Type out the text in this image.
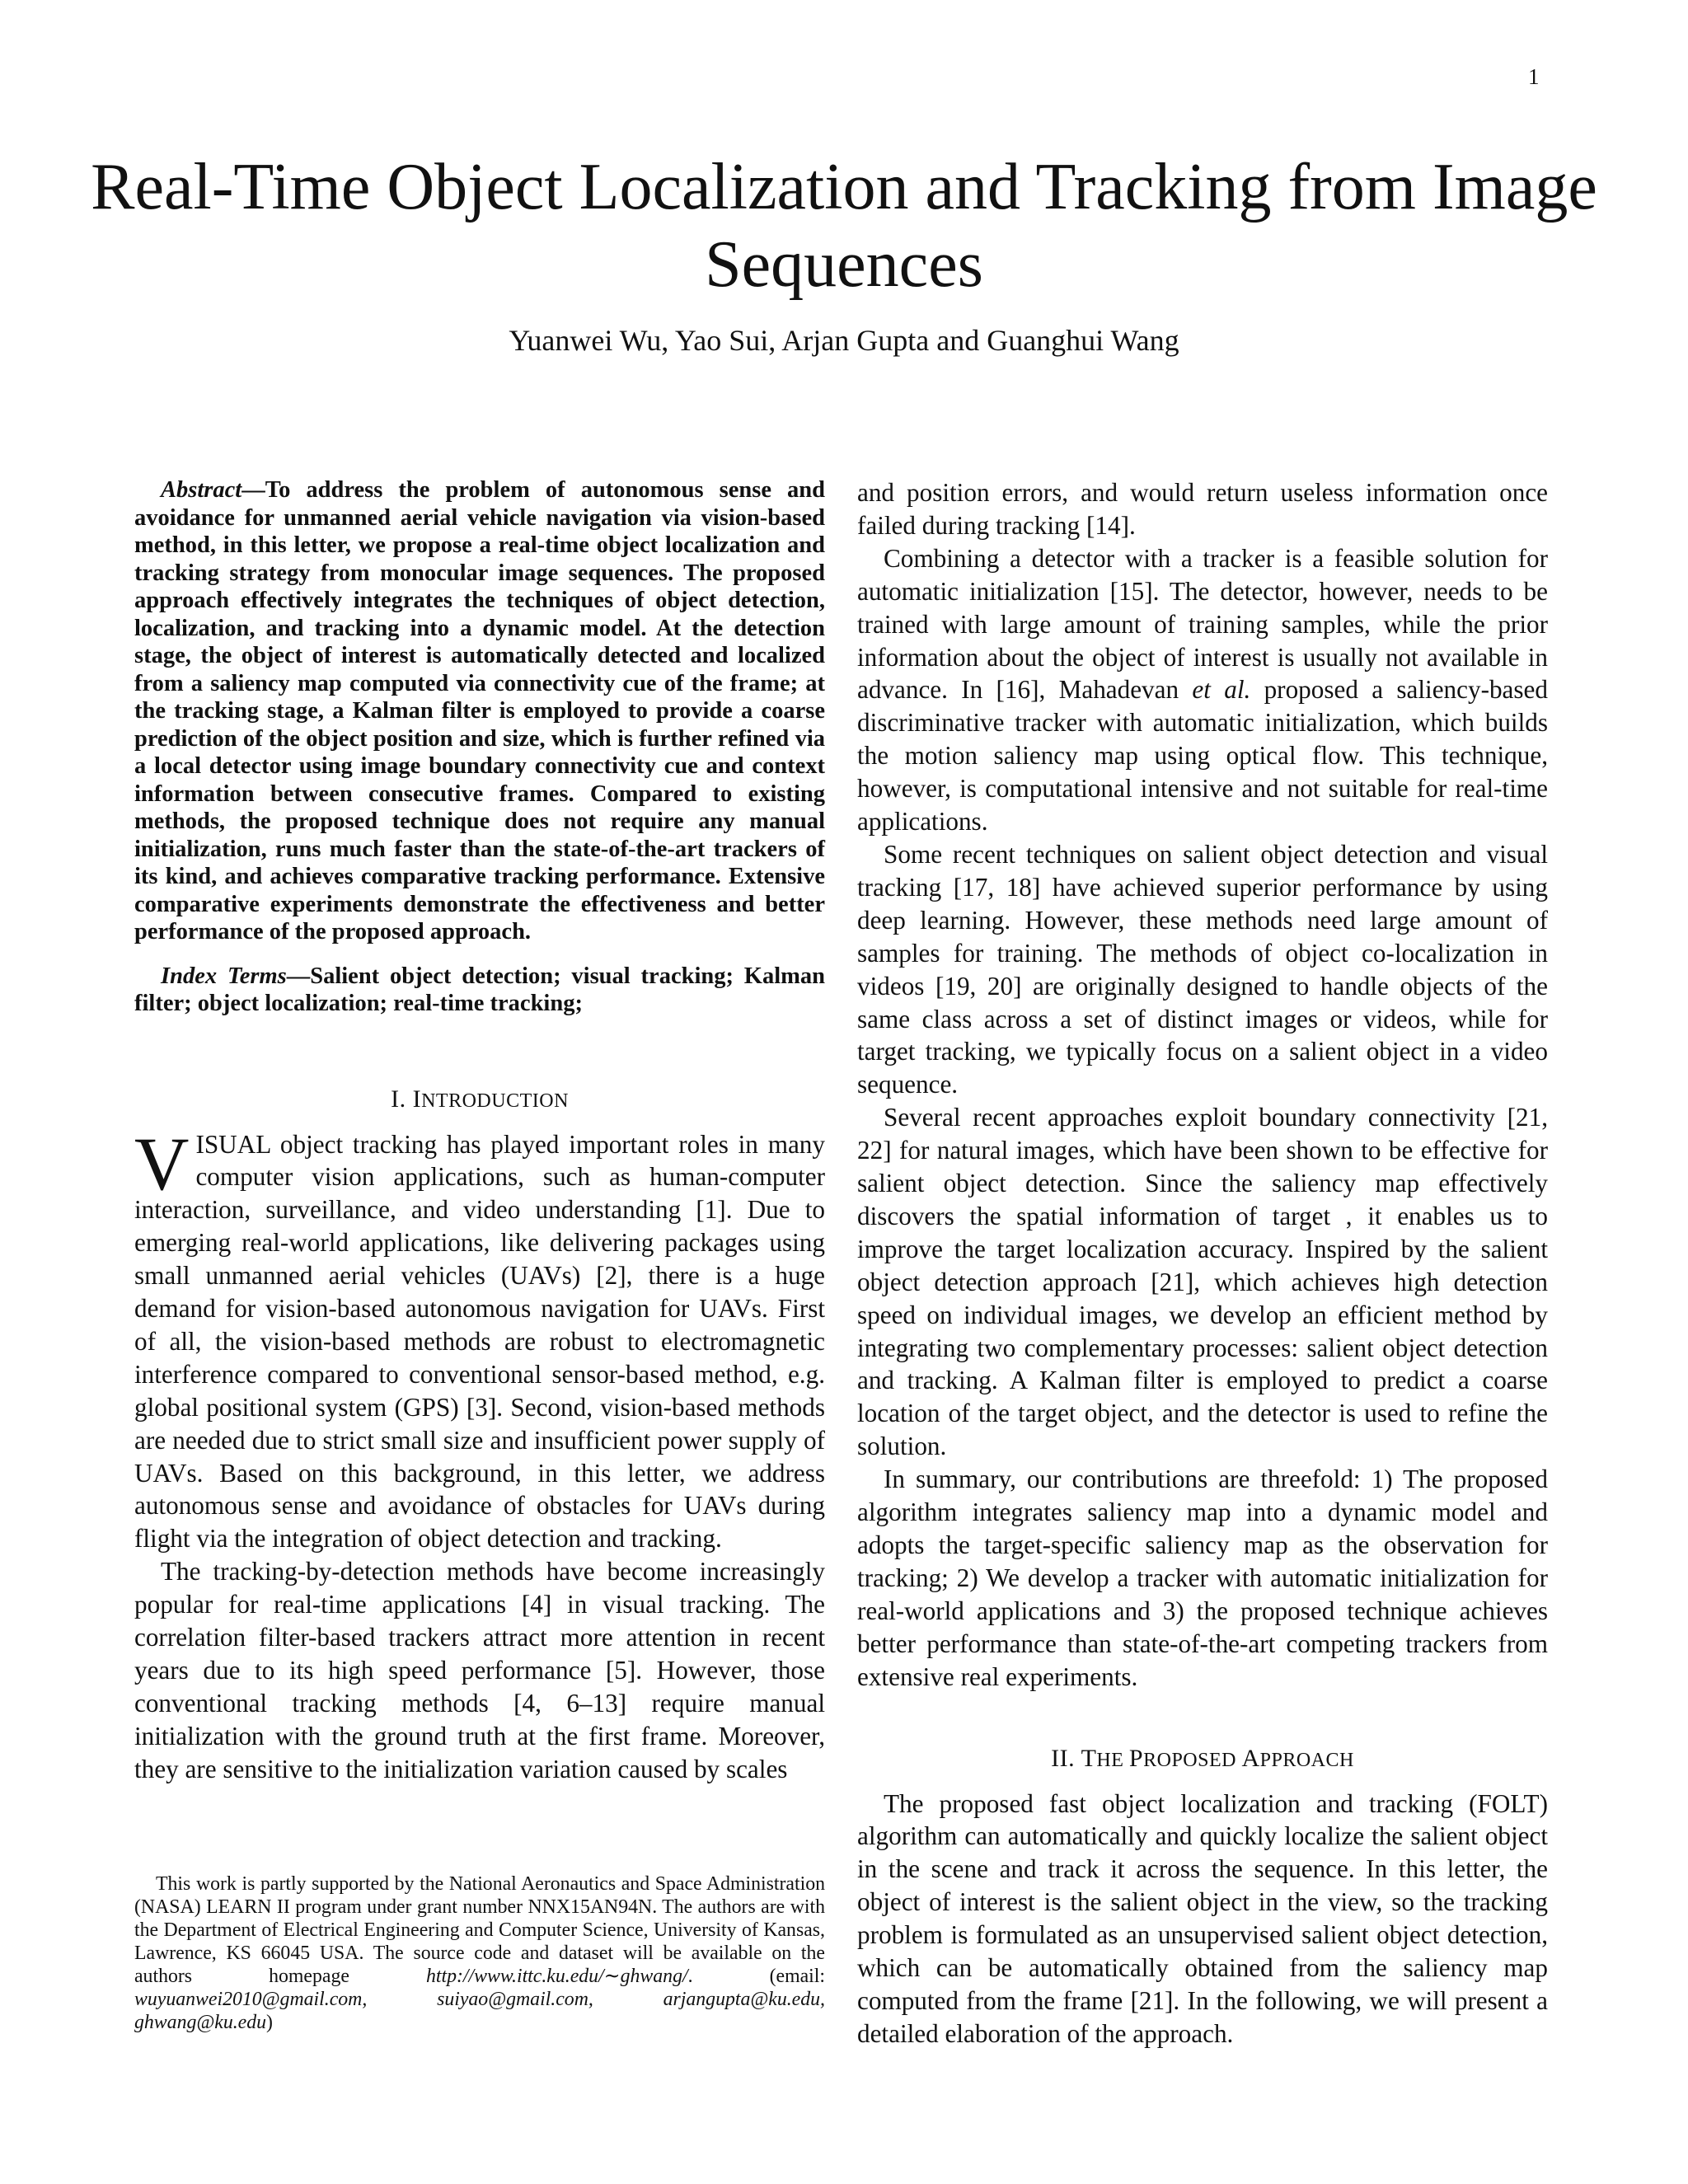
1
Real-Time Object Localization and Tracking from Image Sequences
Yuanwei Wu, Yao Sui, Arjan Gupta and Guanghui Wang

Abstract—To address the problem of autonomous sense and avoidance for unmanned aerial vehicle navigation via vision-based method, in this letter, we propose a real-time object localization and tracking strategy from monocular image sequences. The proposed approach effectively integrates the techniques of object detection, localization, and tracking into a dynamic model. At the detection stage, the object of interest is automatically detected and localized from a saliency map computed via connectivity cue of the frame; at the tracking stage, a Kalman filter is employed to provide a coarse prediction of the object position and size, which is further refined via a local detector using image boundary connectivity cue and context information between consecutive frames. Compared to existing methods, the proposed technique does not require any manual initialization, runs much faster than the state-of-the-art trackers of its kind, and achieves comparative tracking performance. Extensive comparative experiments demonstrate the effectiveness and better performance of the proposed approach.

Index Terms—Salient object detection; visual tracking; Kalman filter; object localization; real-time tracking;

I. INTRODUCTION

VISUAL object tracking has played important roles in many computer vision applications, such as human-computer interaction, surveillance, and video understanding [1]. Due to emerging real-world applications, like delivering packages using small unmanned aerial vehicles (UAVs) [2], there is a huge demand for vision-based autonomous navigation for UAVs. First of all, the vision-based methods are robust to electromagnetic interference compared to conventional sensor-based method, e.g. global positional system (GPS) [3]. Second, vision-based methods are needed due to strict small size and insufficient power supply of UAVs. Based on this background, in this letter, we address autonomous sense and avoidance of obstacles for UAVs during flight via the integration of object detection and tracking.

The tracking-by-detection methods have become increasingly popular for real-time applications [4] in visual tracking. The correlation filter-based trackers attract more attention in recent years due to its high speed performance [5]. However, those conventional tracking methods [4, 6–13] require manual initialization with the ground truth at the first frame. Moreover, they are sensitive to the initialization variation caused by scales

This work is partly supported by the National Aeronautics and Space Administration (NASA) LEARN II program under grant number NNX15AN94N. The authors are with the Department of Electrical Engineering and Computer Science, University of Kansas, Lawrence, KS 66045 USA. The source code and dataset will be available on the authors homepage http://www.ittc.ku.edu/∼ghwang/. (email: wuyuanwei2010@gmail.com, suiyao@gmail.com, arjangupta@ku.edu, ghwang@ku.edu)

and position errors, and would return useless information once failed during tracking [14].

Combining a detector with a tracker is a feasible solution for automatic initialization [15]. The detector, however, needs to be trained with large amount of training samples, while the prior information about the object of interest is usually not available in advance. In [16], Mahadevan et al. proposed a saliency-based discriminative tracker with automatic initialization, which builds the motion saliency map using optical flow. This technique, however, is computational intensive and not suitable for real-time applications.

Some recent techniques on salient object detection and visual tracking [17, 18] have achieved superior performance by using deep learning. However, these methods need large amount of samples for training. The methods of object co-localization in videos [19, 20] are originally designed to handle objects of the same class across a set of distinct images or videos, while for target tracking, we typically focus on a salient object in a video sequence.

Several recent approaches exploit boundary connectivity [21, 22] for natural images, which have been shown to be effective for salient object detection. Since the saliency map effectively discovers the spatial information of target , it enables us to improve the target localization accuracy. Inspired by the salient object detection approach [21], which achieves high detection speed on individual images, we develop an efficient method by integrating two complementary processes: salient object detection and tracking. A Kalman filter is employed to predict a coarse location of the target object, and the detector is used to refine the solution.

In summary, our contributions are threefold: 1) The proposed algorithm integrates saliency map into a dynamic model and adopts the target-specific saliency map as the observation for tracking; 2) We develop a tracker with automatic initialization for real-world applications and 3) the proposed technique achieves better performance than state-of-the-art competing trackers from extensive real experiments.

II. THE PROPOSED APPROACH

The proposed fast object localization and tracking (FOLT) algorithm can automatically and quickly localize the salient object in the scene and track it across the sequence. In this letter, the object of interest is the salient object in the view, so the tracking problem is formulated as an unsupervised salient object detection, which can be automatically obtained from the saliency map computed from the frame [21]. In the following, we will present a detailed elaboration of the approach.
